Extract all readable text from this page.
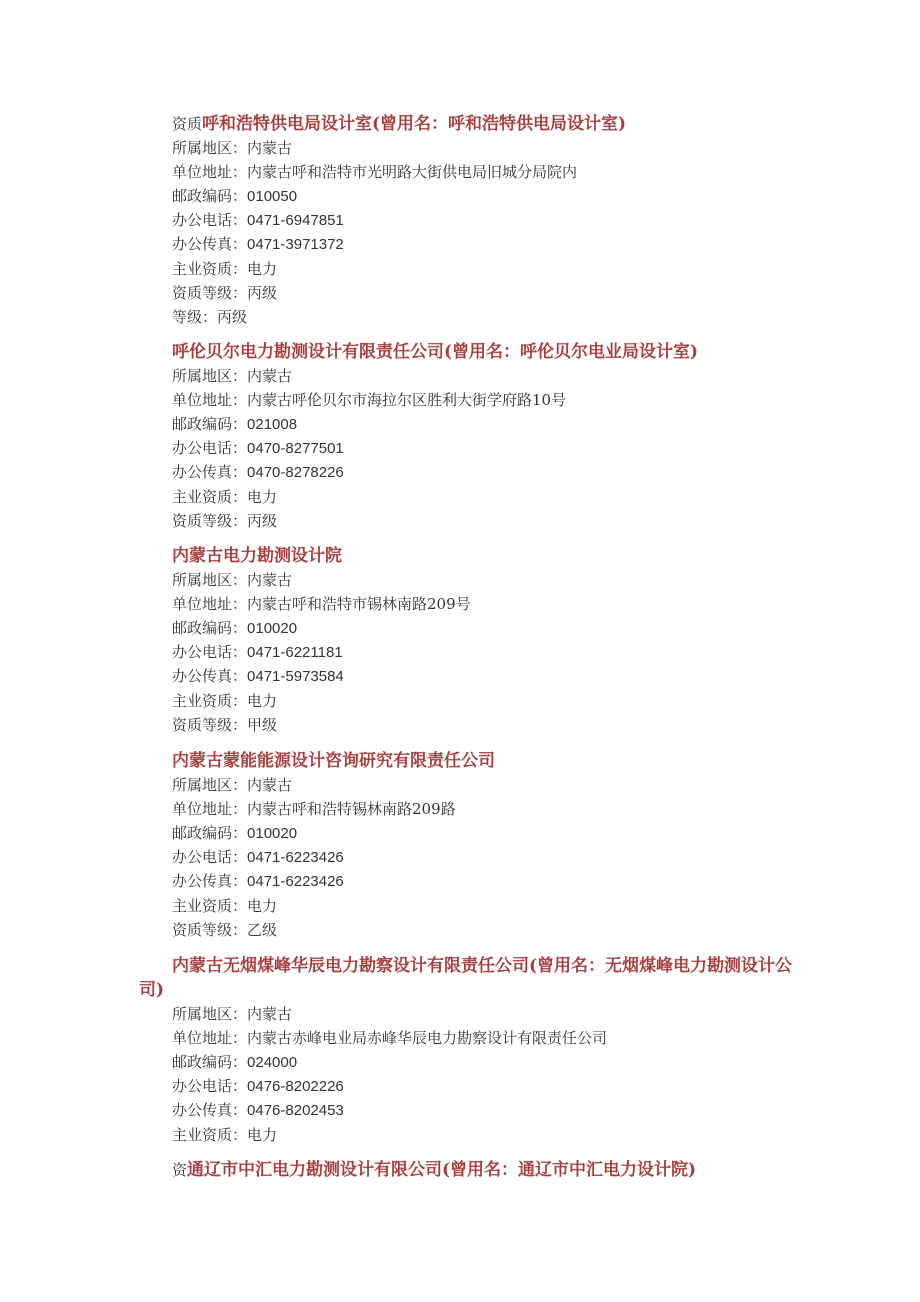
资质呼和浩特供电局设计室(曾用名：呼和浩特供电局设计室)
所属地区：内蒙古
单位地址：内蒙古呼和浩特市光明路大街供电局旧城分局院内
邮政编码：010050
办公电话：0471-6947851
办公传真：0471-3971372
主业资质：电力
资质等级：丙级
等级：丙级
呼伦贝尔电力勘测设计有限责任公司(曾用名：呼伦贝尔电业局设计室)
所属地区：内蒙古
单位地址：内蒙古呼伦贝尔市海拉尔区胜利大街学府路10号
邮政编码：021008
办公电话：0470-8277501
办公传真：0470-8278226
主业资质：电力
资质等级：丙级
内蒙古电力勘测设计院
所属地区：内蒙古
单位地址：内蒙古呼和浩特市锡林南路209号
邮政编码：010020
办公电话：0471-6221181
办公传真：0471-5973584
主业资质：电力
资质等级：甲级
内蒙古蒙能能源设计咨询研究有限责任公司
所属地区：内蒙古
单位地址：内蒙古呼和浩特锡林南路209路
邮政编码：010020
办公电话：0471-6223426
办公传真：0471-6223426
主业资质：电力
资质等级：乙级
内蒙古无烟煤峰华辰电力勘察设计有限责任公司(曾用名：无烟煤峰电力勘测设计公司)
所属地区：内蒙古
单位地址：内蒙古赤峰电业局赤峰华辰电力勘察设计有限责任公司
邮政编码：024000
办公电话：0476-8202226
办公传真：0476-8202453
主业资质：电力
资通辽市中汇电力勘测设计有限公司(曾用名：通辽市中汇电力设计院)
